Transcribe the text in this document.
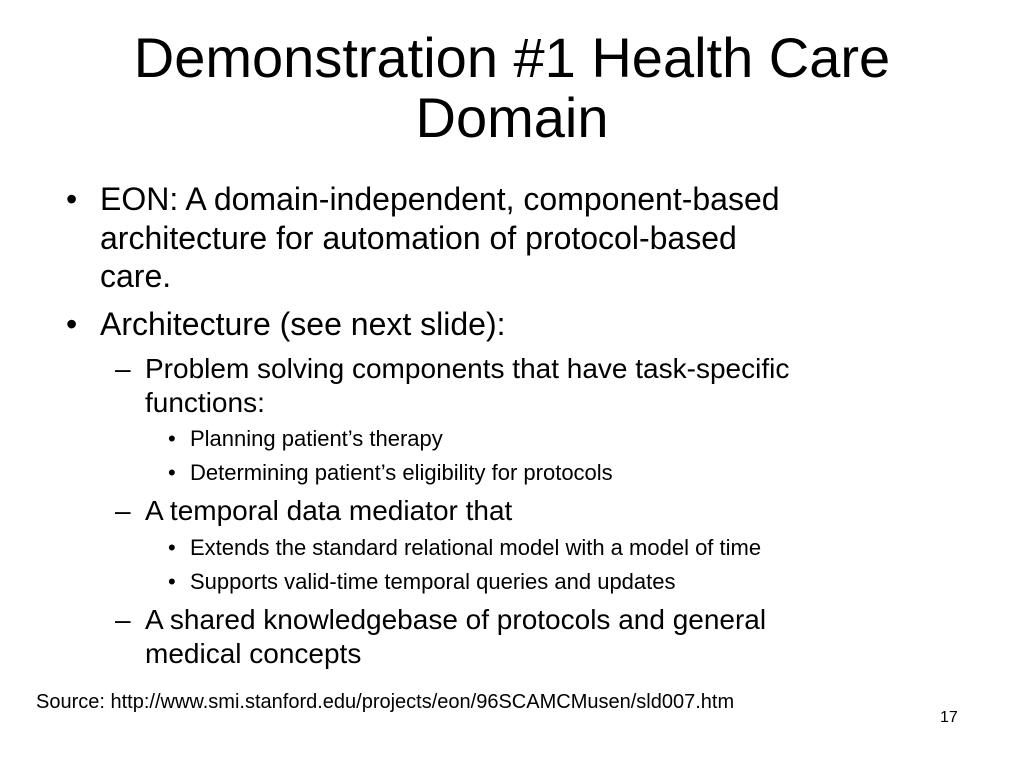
Demonstration #1 Health Care
Domain
• EON: A domain-independent, component-based
architecture for automation of protocol-based
care.
• Architecture (see next slide):
– Problem solving components that have task-specific
functions:
• Planning patient’s therapy
• Determining patient’s eligibility for protocols
– A temporal data mediator that
• Extends the standard relational model with a model of time
• Supports valid-time temporal queries and updates
– A shared knowledgebase of protocols and general
medical concepts
Source: http://www.smi.stanford.edu/projects/eon/96SCAMCMusen/sld007.htm
17
